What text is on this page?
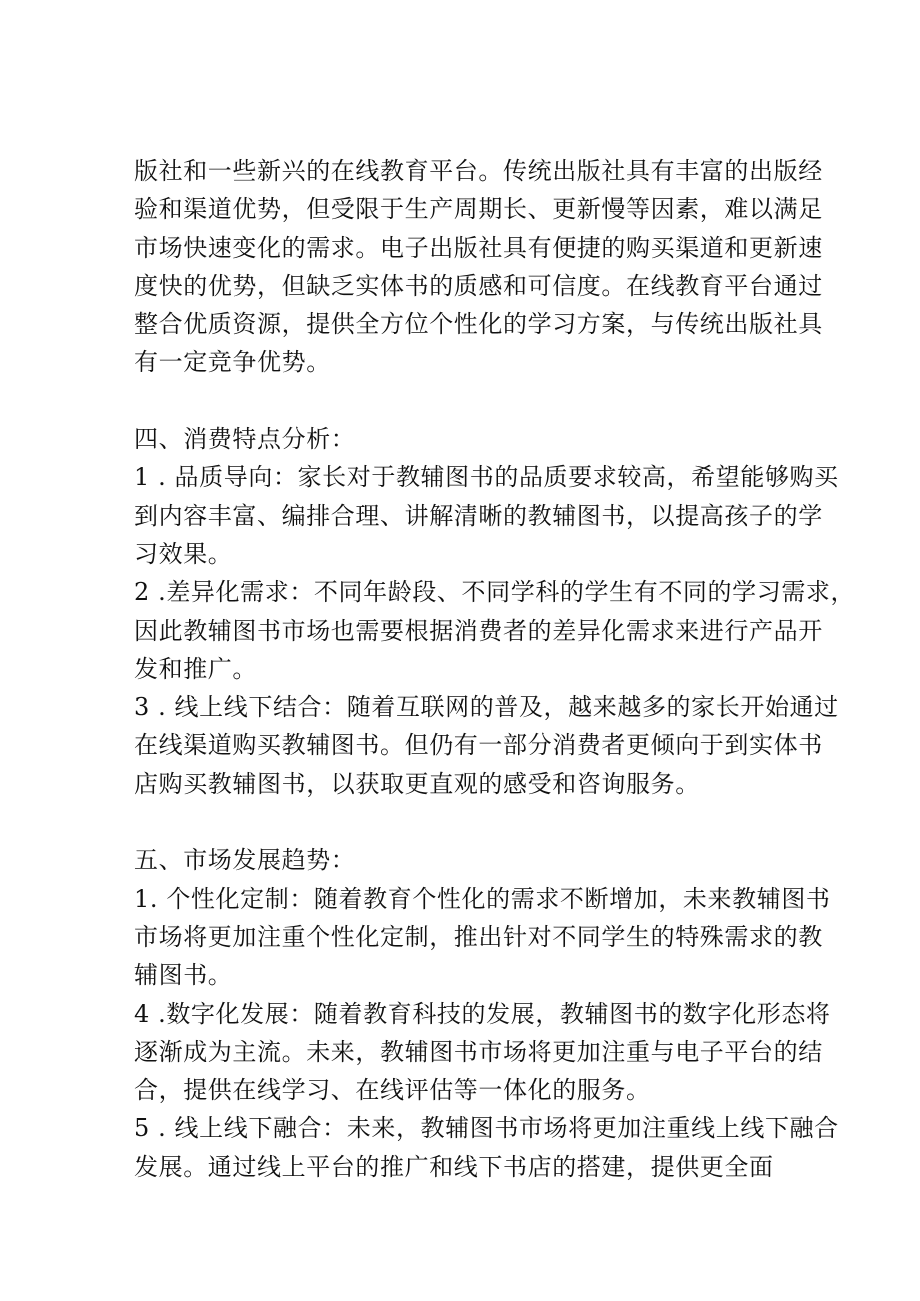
版社和一些新兴的在线教育平台。传统出版社具有丰富的出版经
验和渠道优势，但受限于生产周期长、更新慢等因素，难以满足
市场快速变化的需求。电子出版社具有便捷的购买渠道和更新速
度快的优势，但缺乏实体书的质感和可信度。在线教育平台通过
整合优质资源，提供全方位个性化的学习方案，与传统出版社具
有一定竞争优势。
四、消费特点分析：
1 . 品质导向：家长对于教辅图书的品质要求较高，希望能够购买
到内容丰富、编排合理、讲解清晰的教辅图书，以提高孩子的学
习效果。
2 .差异化需求：不同年龄段、不同学科的学生有不同的学习需求，
因此教辅图书市场也需要根据消费者的差异化需求来进行产品开
发和推广。
3 . 线上线下结合：随着互联网的普及，越来越多的家长开始通过
在线渠道购买教辅图书。但仍有一部分消费者更倾向于到实体书
店购买教辅图书，以获取更直观的感受和咨询服务。
五、市场发展趋势：
1. 个性化定制：随着教育个性化的需求不断增加，未来教辅图书
市场将更加注重个性化定制，推出针对不同学生的特殊需求的教
辅图书。
4 .数字化发展：随着教育科技的发展，教辅图书的数字化形态将
逐渐成为主流。未来，教辅图书市场将更加注重与电子平台的结
合，提供在线学习、在线评估等一体化的服务。
5 . 线上线下融合：未来，教辅图书市场将更加注重线上线下融合
发展。通过线上平台的推广和线下书店的搭建，提供更全面
